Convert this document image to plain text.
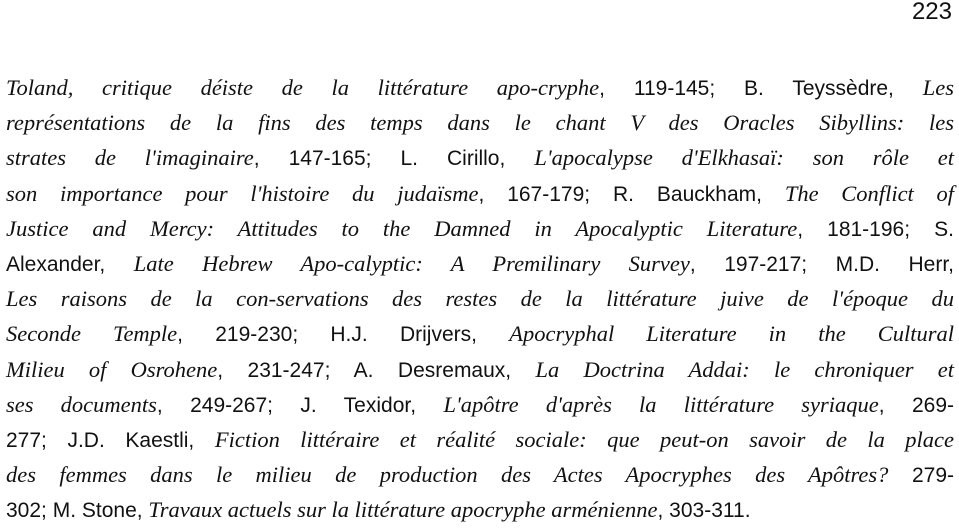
223
Toland, critique déiste de la littérature apo-cryphe, 119-145; B. Teyssèdre, Les
représentations de la fins des temps dans le chant V des Oracles Sibyllins: les
strates de l'imaginaire, 147-165; L. Cirillo, L'apocalypse d'Elkhasaï: son rôle et
son importance pour l'histoire du judaïsme, 167-179; R. Bauckham, The Conflict of
Justice and Mercy: Attitudes to the Damned in Apocalyptic Literature, 181-196; S.
Alexander, Late Hebrew Apo-calyptic: A Premilinary Survey, 197-217; M.D. Herr,
Les raisons de la con-servations des restes de la littérature juive de l'époque du
Seconde Temple, 219-230; H.J. Drijvers, Apocryphal Literature in the Cultural
Milieu of Osrohene, 231-247; A. Desremaux, La Doctrina Addai: le chroniquer et
ses documents, 249-267; J. Texidor, L'apôtre d'après la littérature syriaque, 269-
277; J.D. Kaestli, Fiction littéraire et réalité sociale: que peut-on savoir de la place
des femmes dans le milieu de production des Actes Apocryphes des Apôtres? 279-
302; M. Stone, Travaux actuels sur la littérature apocryphe arménienne, 303-311.
